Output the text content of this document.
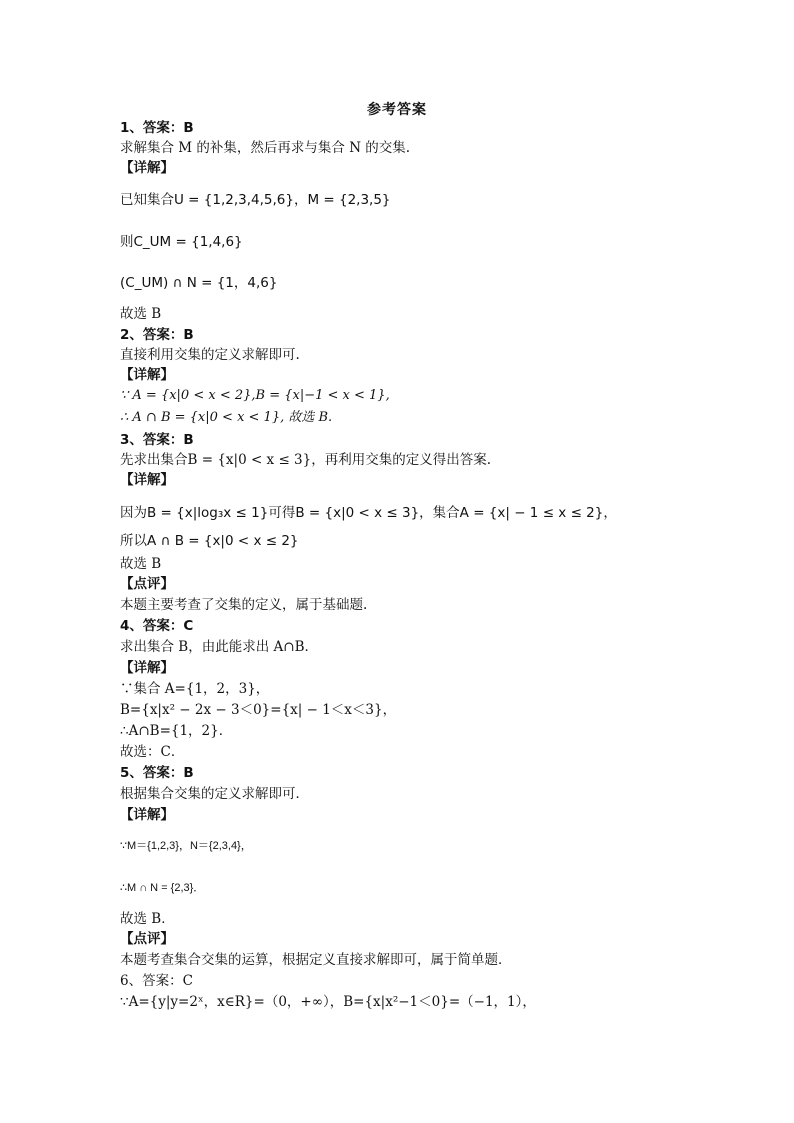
参考答案
1、答案：B
求解集合 M 的补集，然后再求与集合 N 的交集.
【详解】
已知集合U = {1,2,3,4,5,6}，M = {2,3,5}
则C_UM = {1,4,6}
(C_UM) ∩ N = {1，4,6}
故选 B
2、答案：B
直接利用交集的定义求解即可.
【详解】
∵ A = {x|0 < x < 2},B = {x|−1 < x < 1},
∴ A ∩ B = {x|0 < x < 1}, 故选 B.
3、答案：B
先求出集合B = {x|0 < x ≤ 3}，再利用交集的定义得出答案.
【详解】
因为B = {x|log₃x ≤ 1}可得B = {x|0 < x ≤ 3}，集合A = {x| − 1 ≤ x ≤ 2}，
所以A ∩ B = {x|0 < x ≤ 2}
故选 B
【点评】
本题主要考查了交集的定义，属于基础题.
4、答案：C
求出集合 B，由此能求出 A∩B．
【详解】
∵集合 A={1，2，3}，
B={x|x² − 2x − 3＜0}={x| − 1＜x＜3}，
∴A∩B={1，2}．
故选：C．
5、答案：B
根据集合交集的定义求解即可．
【详解】
∵M＝{1,2,3}，N＝{2,3,4}，
∴M ∩ N = {2,3}．
故选 B．
【点评】
本题考查集合交集的运算，根据定义直接求解即可，属于简单题．
6、答案：C
∵A={y|y=2ˣ，x∈R}=（0，+∞），B={x|x²−1＜0}=（−1，1），
